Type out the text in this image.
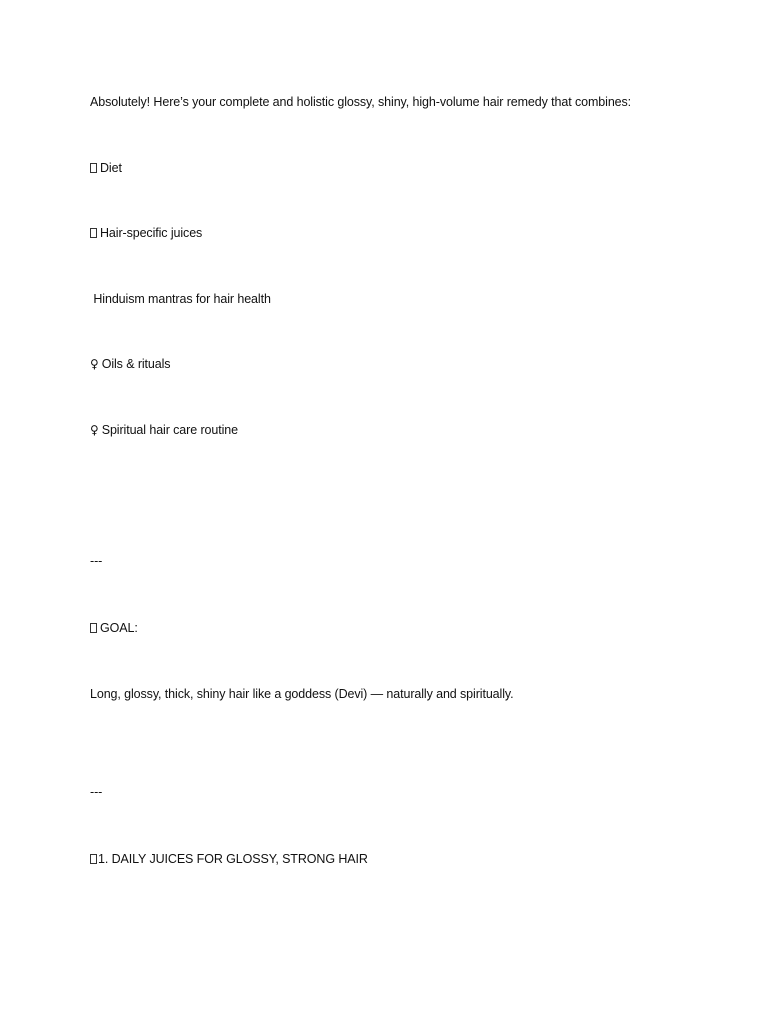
Absolutely! Here’s your complete and holistic glossy, shiny, high-volume hair remedy that combines:
Diet
Hair-specific juices
Hinduism mantras for hair health
♀ Oils & rituals
♀ Spiritual hair care routine
---
GOAL:
Long, glossy, thick, shiny hair like a goddess (Devi) — naturally and spiritually.
---
1. DAILY JUICES FOR GLOSSY, STRONG HAIR
